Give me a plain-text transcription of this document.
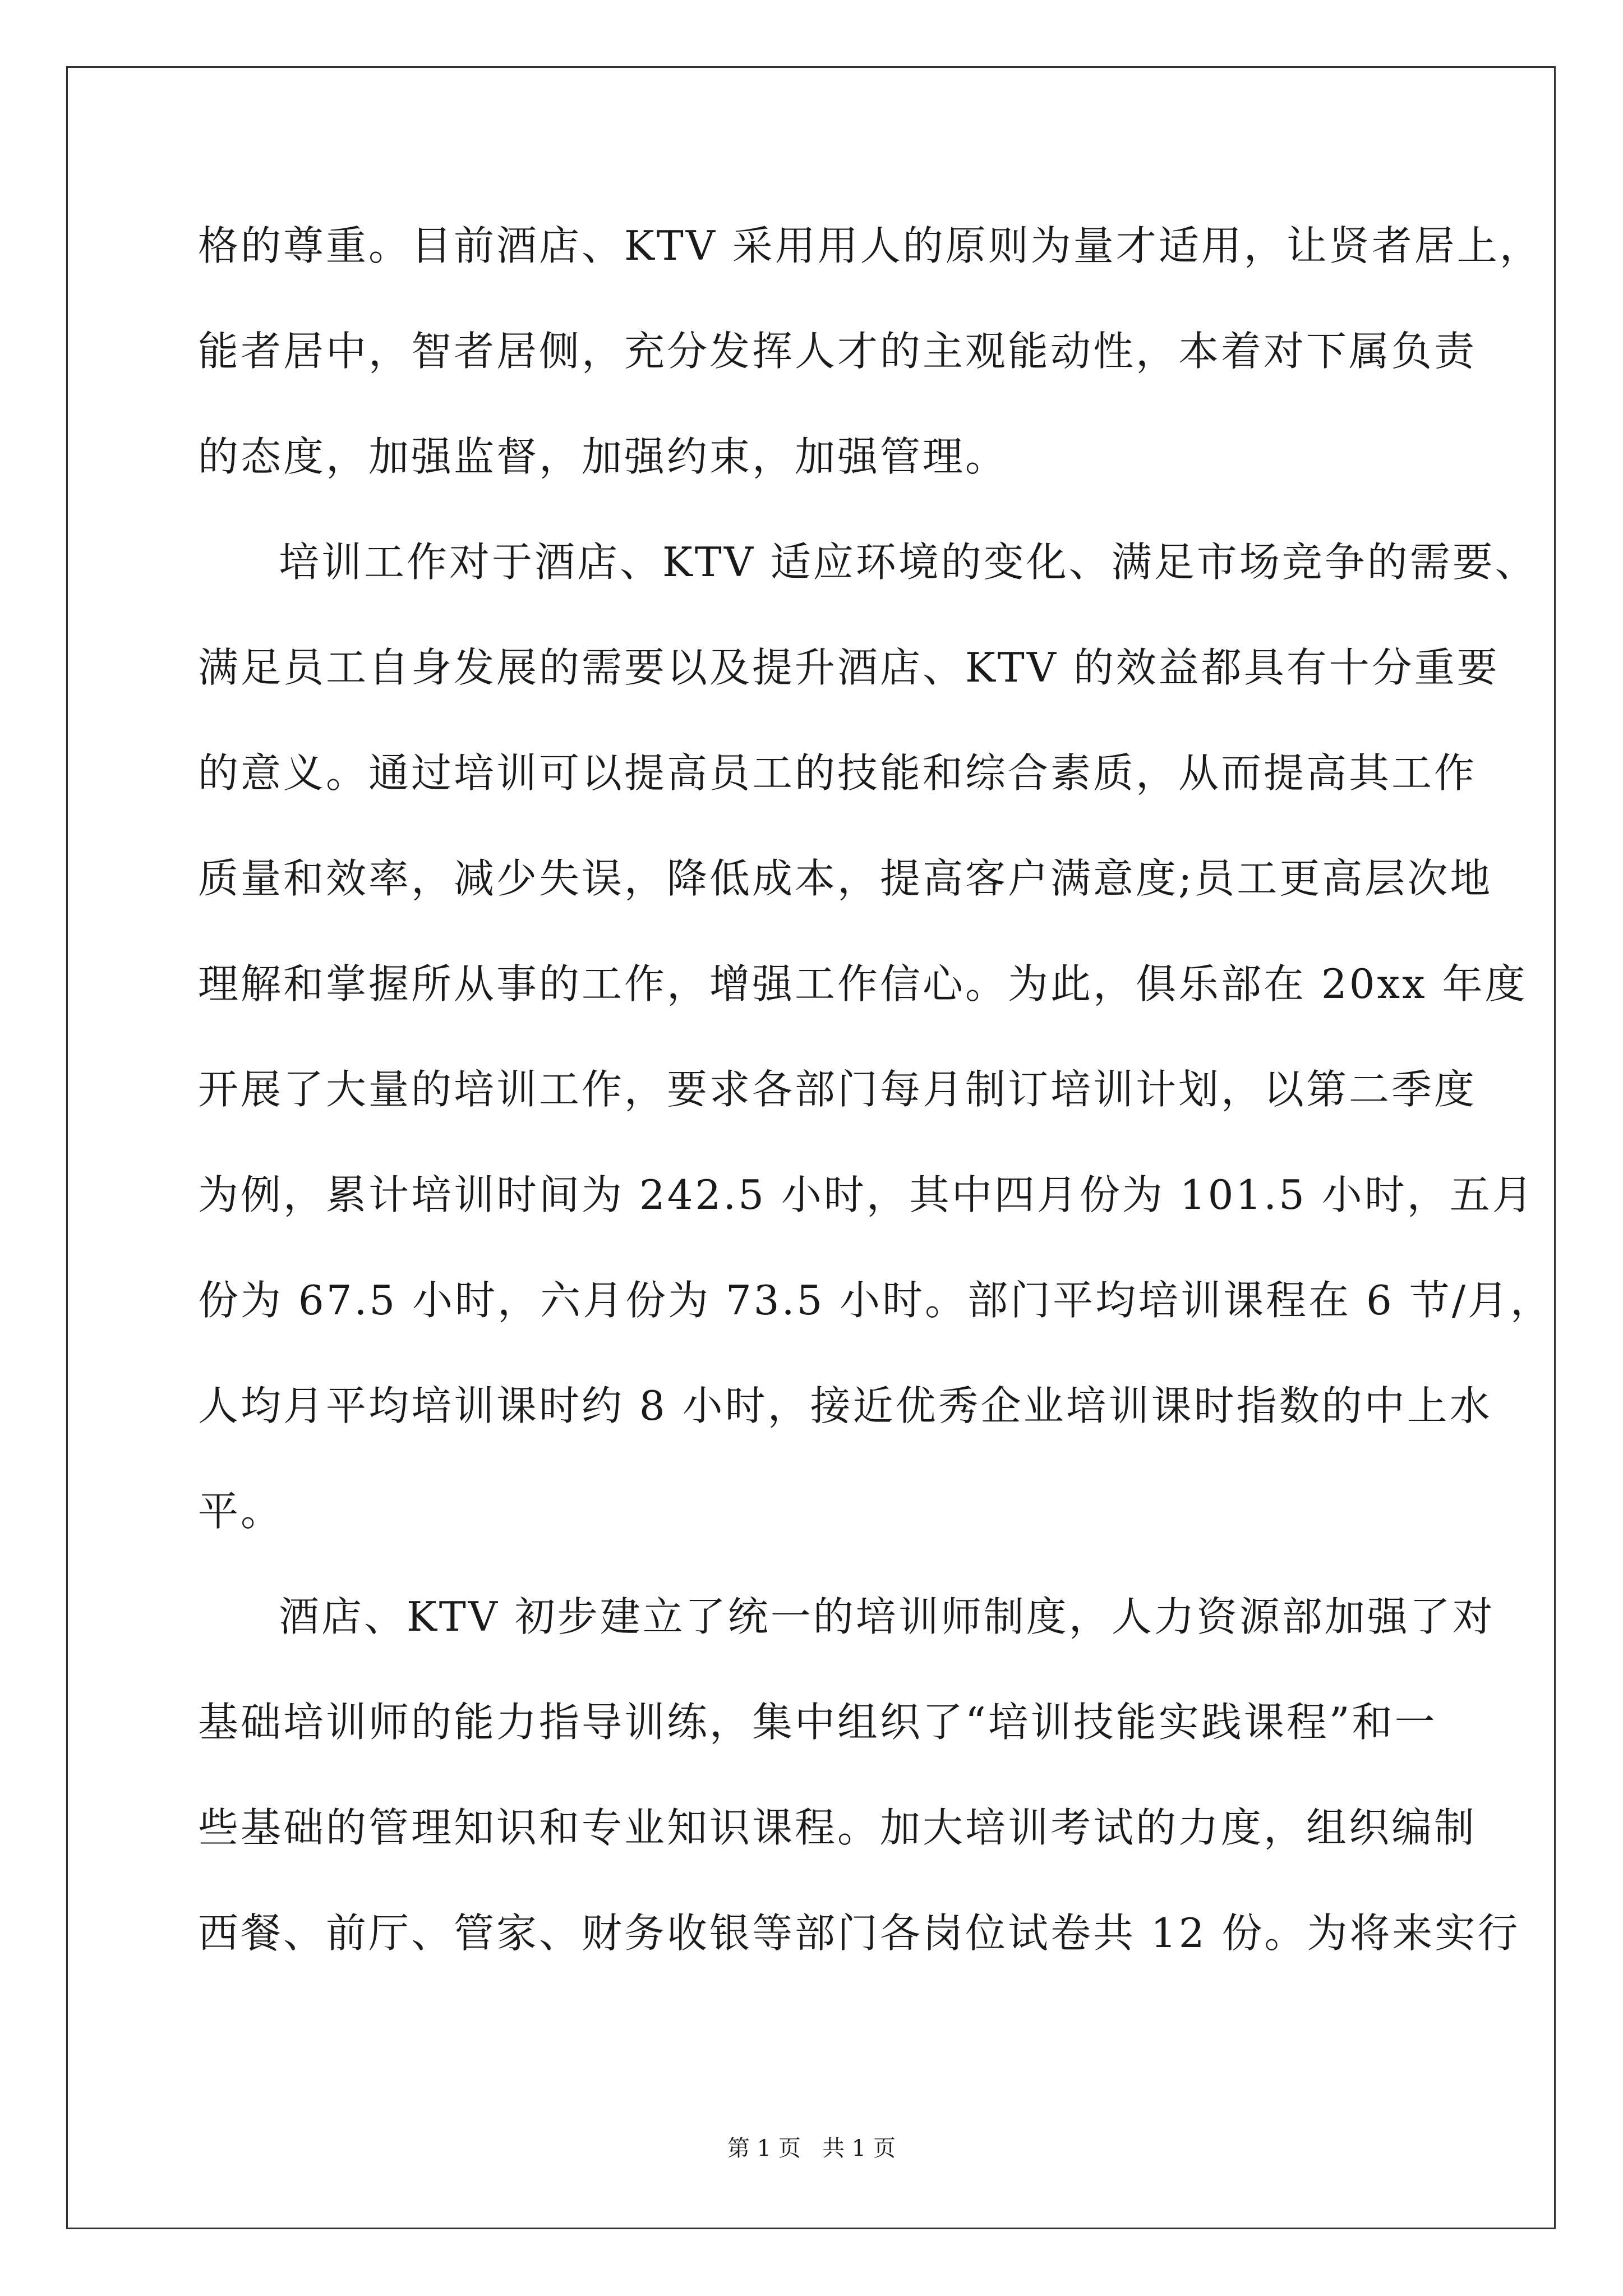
格的尊重。目前酒店、KTV 采用用人的原则为量才适用，让贤者居上，
能者居中，智者居侧，充分发挥人才的主观能动性，本着对下属负责
的态度，加强监督，加强约束，加强管理。
培训工作对于酒店、KTV 适应环境的变化、满足市场竞争的需要、
满足员工自身发展的需要以及提升酒店、KTV 的效益都具有十分重要
的意义。通过培训可以提高员工的技能和综合素质，从而提高其工作
质量和效率，减少失误，降低成本，提高客户满意度;员工更高层次地
理解和掌握所从事的工作，增强工作信心。为此，俱乐部在 20xx 年度
开展了大量的培训工作，要求各部门每月制订培训计划，以第二季度
为例，累计培训时间为 242.5 小时，其中四月份为 101.5 小时，五月
份为 67.5 小时，六月份为 73.5 小时。部门平均培训课程在 6 节/月，
人均月平均培训课时约 8 小时，接近优秀企业培训课时指数的中上水
平。
酒店、KTV 初步建立了统一的培训师制度，人力资源部加强了对
基础培训师的能力指导训练，集中组织了“培训技能实践课程”和一
些基础的管理知识和专业知识课程。加大培训考试的力度，组织编制
西餐、前厅、管家、财务收银等部门各岗位试卷共 12 份。为将来实行
第 1 页   共 1 页
